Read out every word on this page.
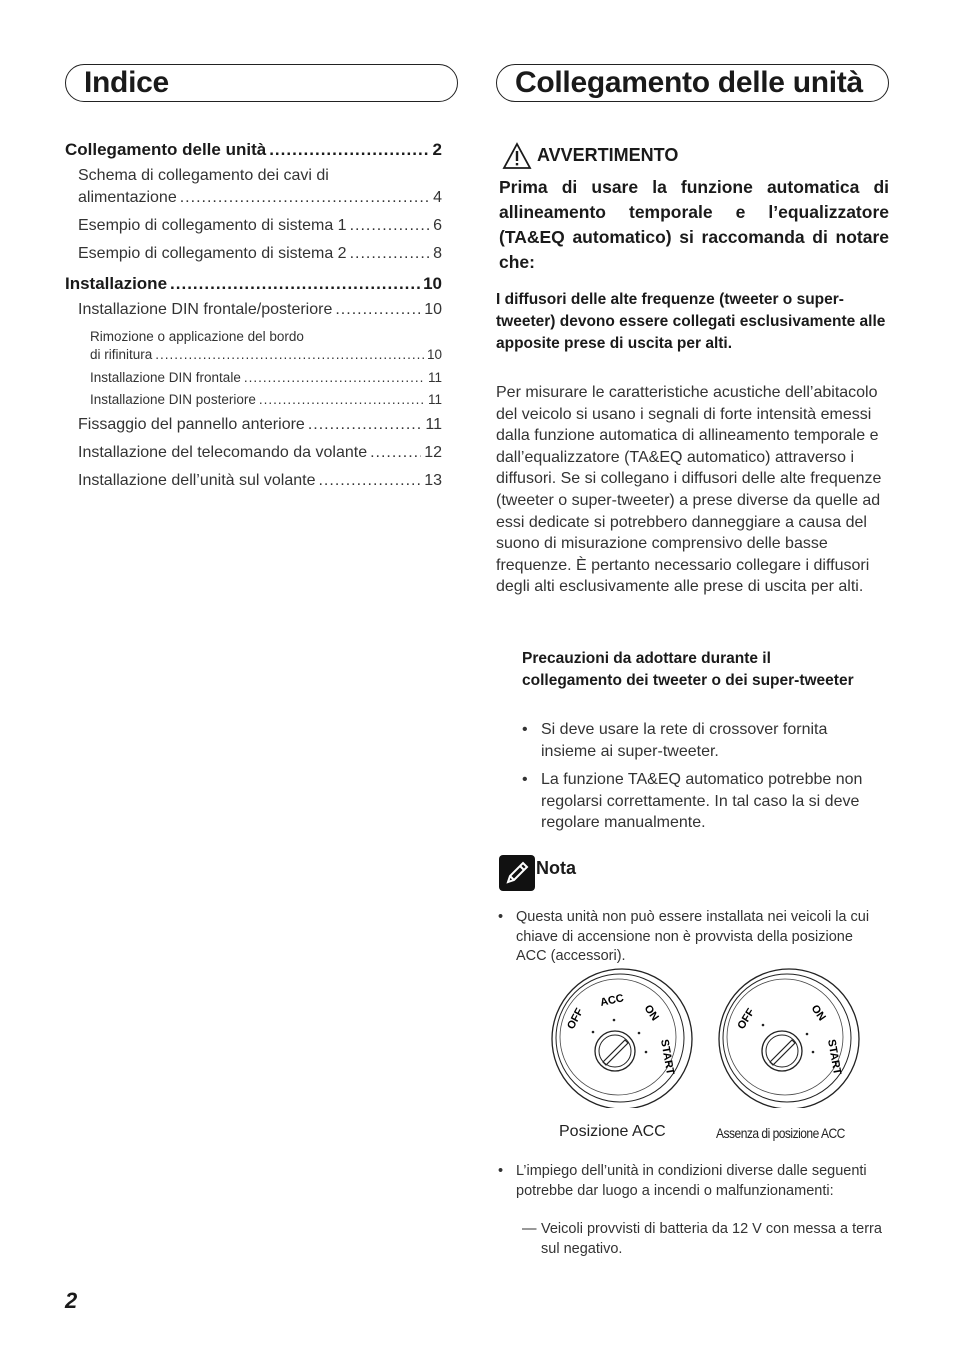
Indice	Collegamento delle unità
Collegamento delle unità .....	2
Schema di collegamento dei cavi di
alimentazione .....	4
Esempio di collegamento di sistema 1 .....	6
Esempio di collegamento di sistema 2 .....	8
Installazione .....	10
Installazione DIN frontale/posteriore .....	10
Rimozione o applicazione del bordo
di rifinitura .....	10
Installazione DIN frontale .....	11
Installazione DIN posteriore .....	11
Fissaggio del pannello anteriore .....	11
Installazione del telecomando da volante .....	12
Installazione dell’unità sul volante .....	13
AVVERTIMENTO
Prima di usare la funzione automatica di allineamento temporale e l’equalizzatore (TA&EQ automatico) si raccomanda di notare che:
I diffusori delle alte frequenze (tweeter o super-tweeter) devono essere collegati esclusivamente alle apposite prese di uscita per alti.
Per misurare le caratteristiche acustiche dell’abitacolo del veicolo si usano i segnali di forte intensità emessi dalla funzione automatica di allineamento temporale e dall’equalizzatore (TA&EQ automatico) attraverso i diffusori. Se si collegano i diffusori delle alte frequenze (tweeter o super-tweeter) a prese diverse da quelle ad essi dedicate si potrebbero danneggiare a causa del suono di misurazione comprensivo delle basse frequenze. È pertanto necessario collegare i diffusori degli alti esclusivamente alle prese di uscita per alti.
Precauzioni da adottare durante il collegamento dei tweeter o dei super-tweeter
• Si deve usare la rete di crossover fornita insieme ai super-tweeter.
• La funzione TA&EQ automatico potrebbe non regolarsi correttamente. In tal caso la si deve regolare manualmente.
Nota
• Questa unità non può essere installata nei veicoli la cui chiave di accensione non è provvista della posizione ACC (accessori).
OFF
ACC
ON
START
OFF	ON
START
Posizione ACC	Assenza di posizione ACC
• L’impiego dell’unità in condizioni diverse dalle seguenti potrebbe dar luogo a incendi o malfunzionamenti:
— Veicoli provvisti di batteria da 12 V con messa a terra sul negativo.
2
